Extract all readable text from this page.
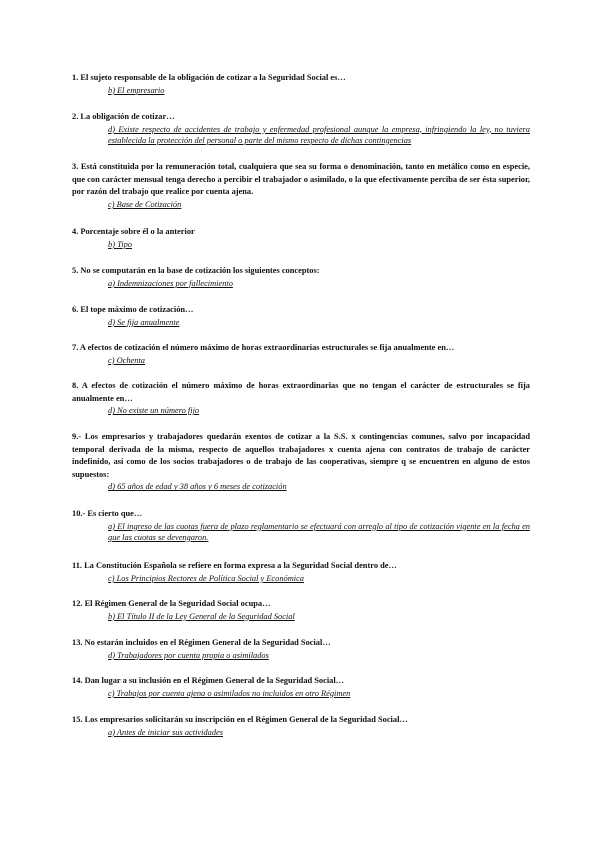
1. El sujeto responsable de la obligación de cotizar a la Seguridad Social es…
b) El empresario
2. La obligación de cotizar…
d) Existe respecto de accidentes de trabajo y enfermedad profesional aunque la empresa, infringiendo la ley, no tuviera establecida la protección del personal o parte del mismo respecto de dichas contingencias
3. Está constituida por la remuneración total, cualquiera que sea su forma o denominación, tanto en metálico como en especie, que con carácter mensual tenga derecho a percibir el trabajador o asimilado, o la que efectivamente perciba de ser ésta superior, por razón del trabajo que realice por cuenta ajena.
c) Base de Cotización
4. Porcentaje sobre él o la anterior
b) Tipo
5. No se computarán en la base de cotización los siguientes conceptos:
a) Indemnizaciones por fallecimiento
6. El tope máximo de cotización…
d) Se fija anualmente
7. A efectos de cotización el número máximo de horas extraordinarias estructurales se fija anualmente en…
c) Ochenta
8. A efectos de cotización el número máximo de horas extraordinarias que no tengan el carácter de estructurales se fija anualmente en…
d) No existe un número fijo
9.- Los empresarios y trabajadores quedarán exentos de cotizar a la S.S. x contingencias comunes, salvo por incapacidad temporal derivada de la misma, respecto de aquellos trabajadores x cuenta ajena con contratos de trabajo de carácter indefinido, así como de los socios trabajadores o de trabajo de las cooperativas, siempre q se encuentren en alguno de estos supuestos:
d) 65 años de edad y 38 años y 6 meses de cotización
10.- Es cierto que…
a) El ingreso de las cuotas fuera de plazo reglamentario se efectuará con arreglo al tipo de cotización vigente en la fecha en que las cuotas se devengaron.
11. La Constitución Española se refiere en forma expresa a la Seguridad Social dentro de…
c) Los Principios Rectores de Política Social y Económica
12. El Régimen General de la Seguridad Social ocupa…
b) El Título II de la Ley General de la Seguridad Social
13. No estarán incluidos en el Régimen General de la Seguridad Social…
d) Trabajadores por cuenta propia o asimilados
14. Dan lugar a su inclusión en el Régimen General de la Seguridad Social…
c) Trabajos por cuenta ajena o asimilados no incluidos en otro Régimen
15. Los empresarios solicitarán su inscripción en el Régimen General de la Seguridad Social…
a) Antes de iniciar sus actividades
